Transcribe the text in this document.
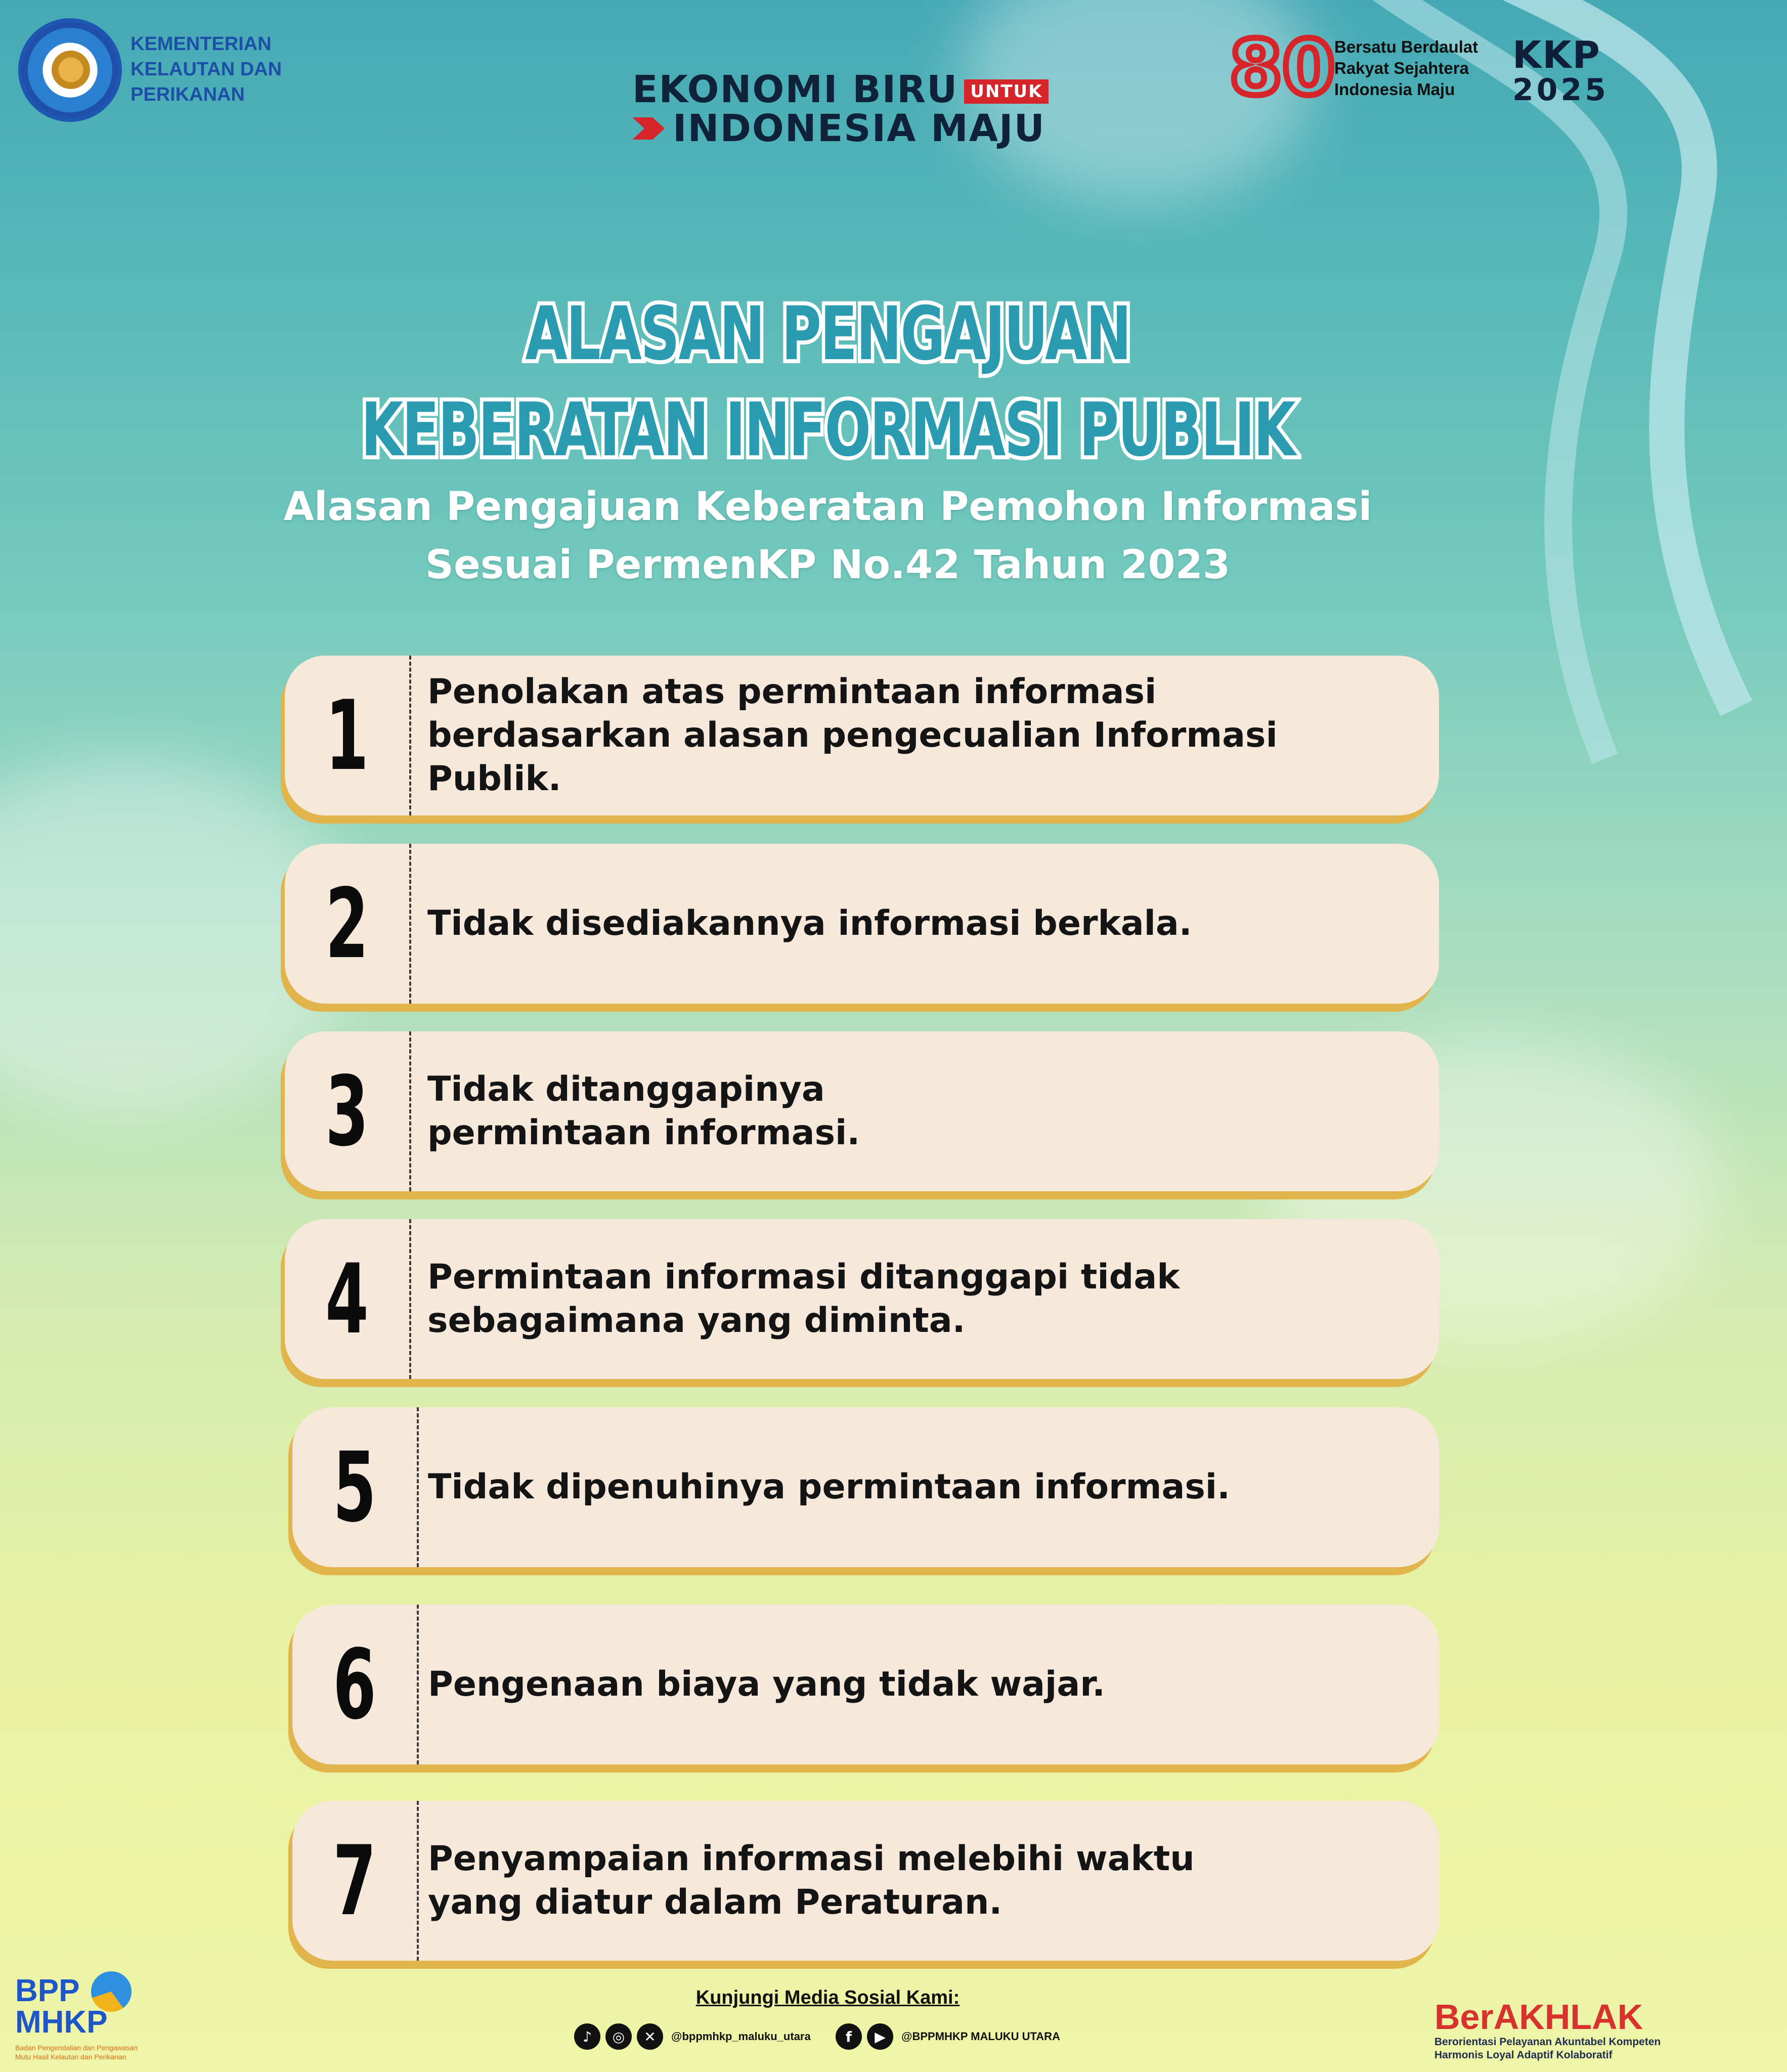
KEMENTERIAN
KELAUTAN DAN
PERIKANAN	EKONOMI BIRU UNTUK
INDONESIA MAJU
80
Bersatu Berdaulat
Rakyat Sejahtera
Indonesia Maju
KKP
2025
ALASAN PENGAJUAN
KEBERATAN INFORMASI PUBLIK
Alasan Pengajuan Keberatan Pemohon Informasi
Sesuai PermenKP No.42 Tahun 2023
1	Penolakan atas permintaan informasi berdasarkan alasan pengecualian Informasi Publik.
2	Tidak disediakannya informasi berkala.
3	Tidak ditanggapinya permintaan informasi.
4	Permintaan informasi ditanggapi tidak sebagaimana yang diminta.
5	Tidak dipenuhinya permintaan informasi.
6	Pengenaan biaya yang tidak wajar.
7	Penyampaian informasi melebihi waktu yang diatur dalam Peraturan.
BPP
MHKP
Badan Pengendalian dan Pengawasan Mutu Hasil Kelautan dan Perikanan
Kunjungi Media Sosial Kami:
♪	◎	✕	@bppmhkp_maluku_utara	f	▶	@BPPMHKP MALUKU UTARA	BerAKHLAK
Berorientasi Pelayanan Akuntabel Kompeten
Harmonis Loyal Adaptif Kolaboratif
